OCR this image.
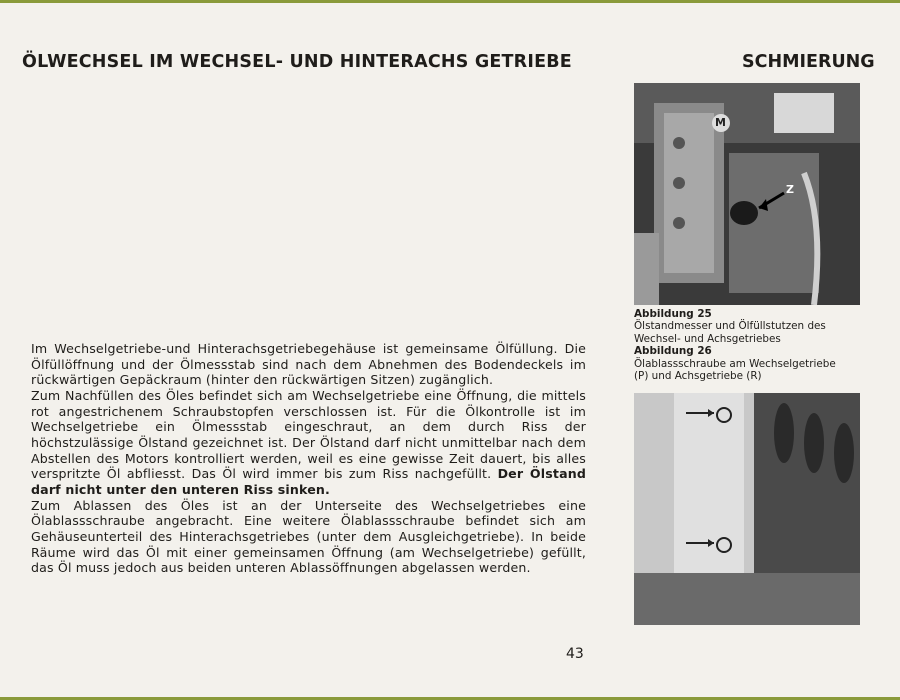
ÖLWECHSEL IM WECHSEL- UND HINTERACHS GETRIEBE	SCHMIERUNG
M
Z
Abbildung 25
Ölstandmesser und Ölfüllstutzen des
Wechsel- und Achsgetriebes
Abbildung 26
Ölablassschraube am Wechselgetriebe
(P) und Achsgetriebe (R)

Im Wechselgetriebe-und Hinterachsgetriebegehäuse ist gemeinsame Ölfüllung. Die Ölfüllöffnung und der Ölmessstab sind nach dem Abnehmen des Bodendeckels im rückwärtigen Gepäckraum (hinter den rückwärtigen Sitzen) zugänglich.

Zum Nachfüllen des Öles befindet sich am Wechselgetriebe eine Öffnung, die mittels rot angestrichenem Schraubstopfen verschlossen ist. Für die Ölkontrolle ist im Wechselgetriebe ein Ölmessstab eingeschraut, an dem durch Riss der höchstzulässige Ölstand gezeichnet ist. Der Ölstand darf nicht unmittelbar nach dem Abstellen des Motors kontrolliert werden, weil es eine gewisse Zeit dauert, bis alles verspritzte Öl abfliesst. Das Öl wird immer bis zum Riss nachgefüllt. Der Ölstand darf nicht unter den unteren Riss sinken.

Zum Ablassen des Öles ist an der Unterseite des Wechselgetriebes eine Ölablassschraube angebracht. Eine weitere Ölablassschraube befindet sich am Gehäuseunterteil des Hinterachsgetriebes (unter dem Ausgleichgetriebe). In beide Räume wird das Öl mit einer gemeinsamen Öffnung (am Wechselgetriebe) gefüllt, das Öl muss jedoch aus beiden unteren Ablassöffnungen abgelassen werden.

43
